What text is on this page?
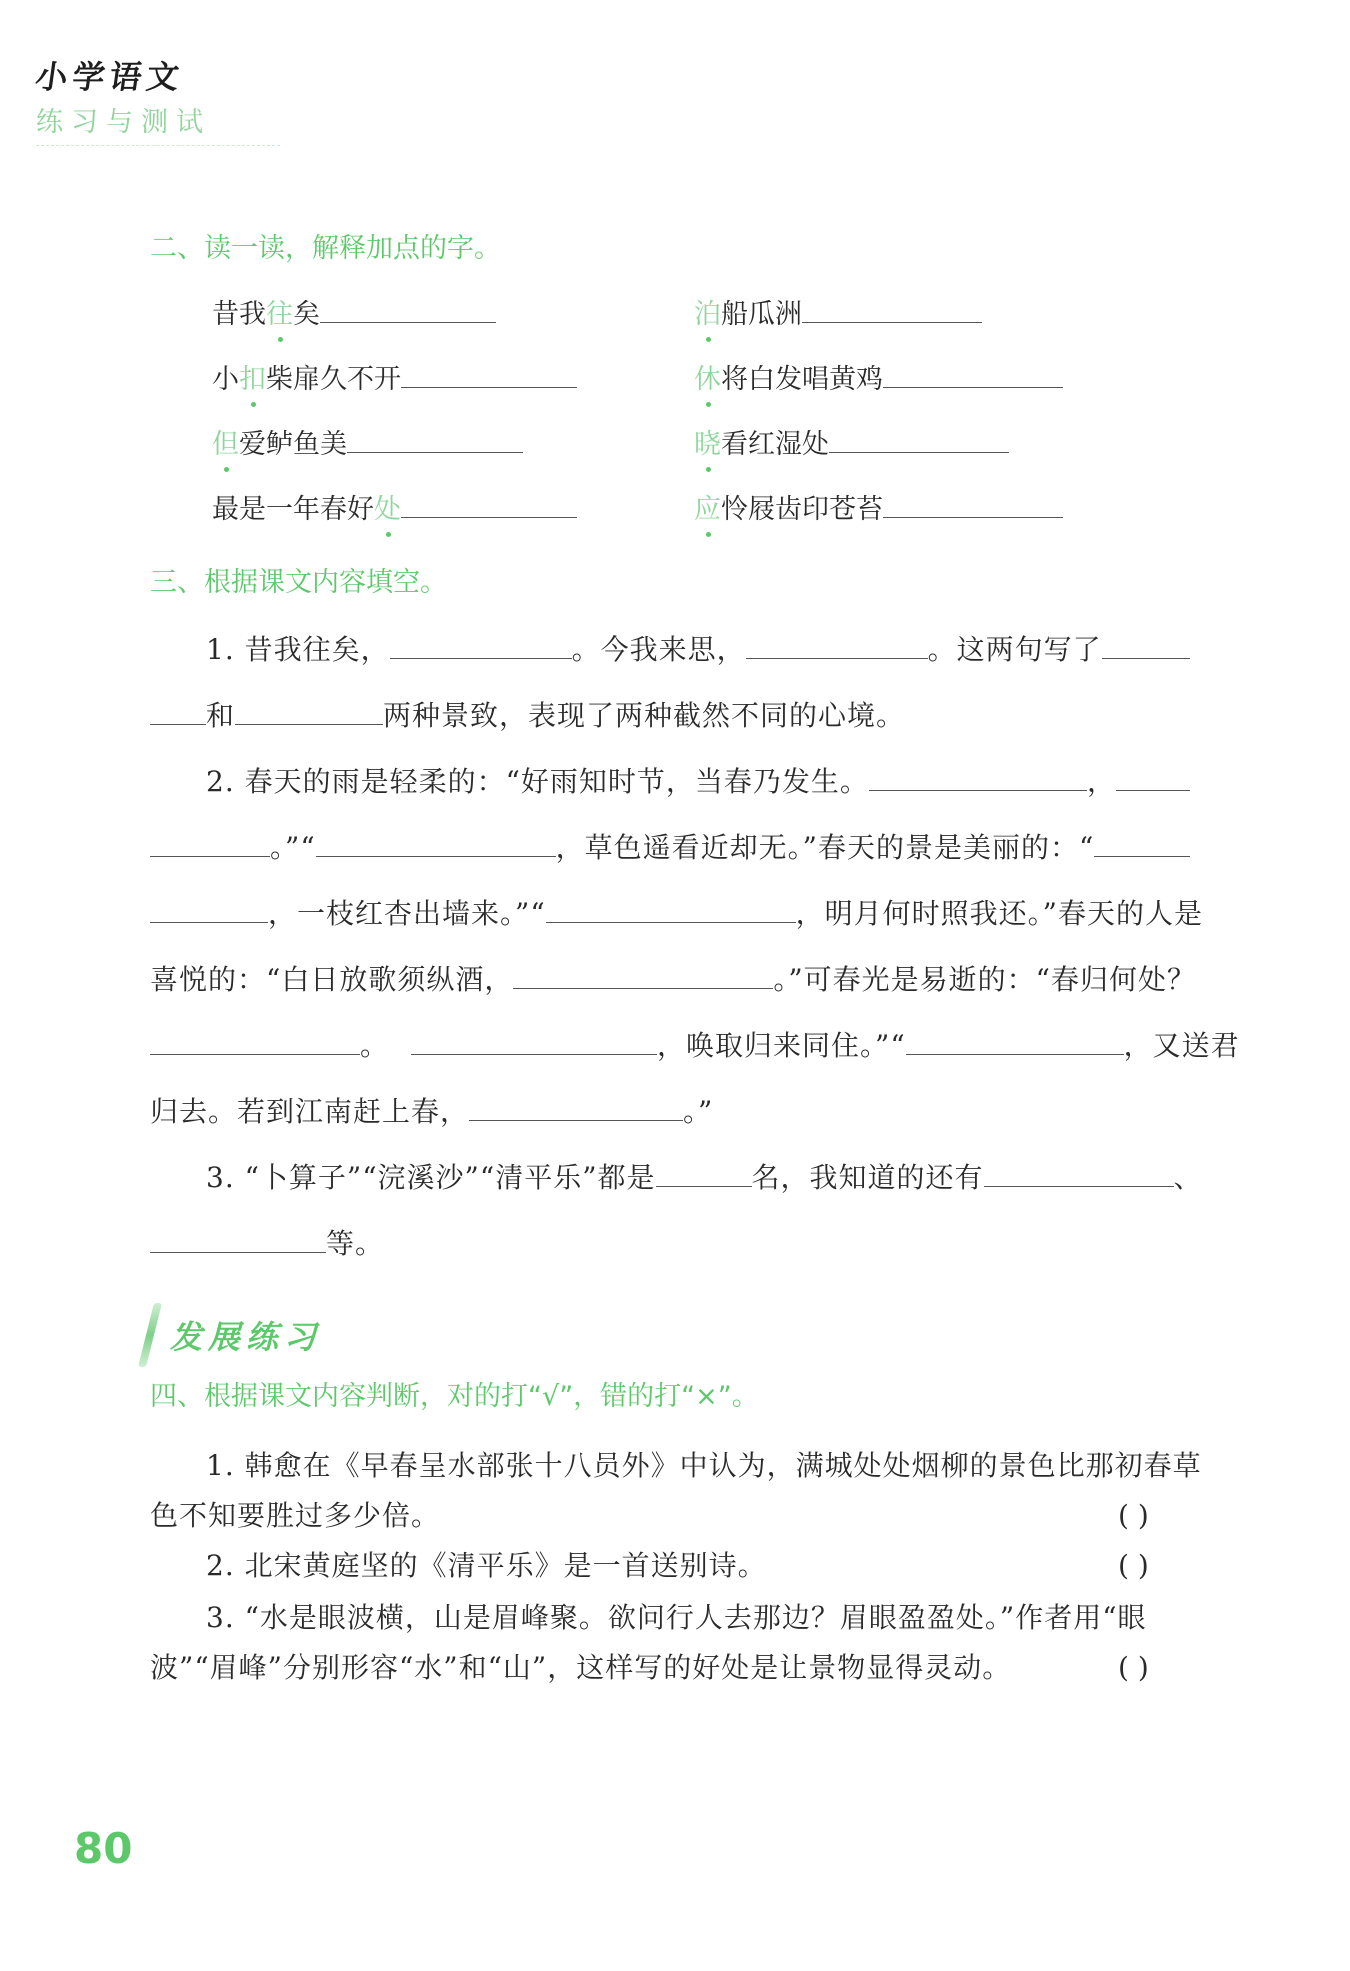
小学语文
练习与测试
二、读一读，解释加点的字。
昔我往矣	泊船瓜洲
小扣柴扉久不开	休将白发唱黄鸡
但爱鲈鱼美	晓看红湿处
最是一年春好处	应怜屐齿印苍苔
三、根据课文内容填空。
1. 昔我往矣，	。今我来思，	。这两句写了
和	两种景致，表现了两种截然不同的心境。
2. 春天的雨是轻柔的：“好雨知时节，当春乃发生。	，
。”“	，草色遥看近却无。”春天的景是美丽的：“
，一枝红杏出墙来。”“	，明月何时照我还。”春天的人是
喜悦的：“白日放歌须纵酒，	。”可春光是易逝的：“春归何处？
。	，唤取归来同住。”“	，又送君
归去。若到江南赶上春，	。”
3. “卜算子”“浣溪沙”“清平乐”都是	名，我知道的还有	、
等。
发展练习
四、根据课文内容判断，对的打“√”，错的打“×”。
1. 韩愈在《早春呈水部张十八员外》中认为，满城处处烟柳的景色比那初春草
色不知要胜过多少倍。	( )
2. 北宋黄庭坚的《清平乐》是一首送别诗。	( )
3. “水是眼波横，山是眉峰聚。欲问行人去那边？眉眼盈盈处。”作者用“眼
波”“眉峰”分别形容“水”和“山”，这样写的好处是让景物显得灵动。	( )
80
